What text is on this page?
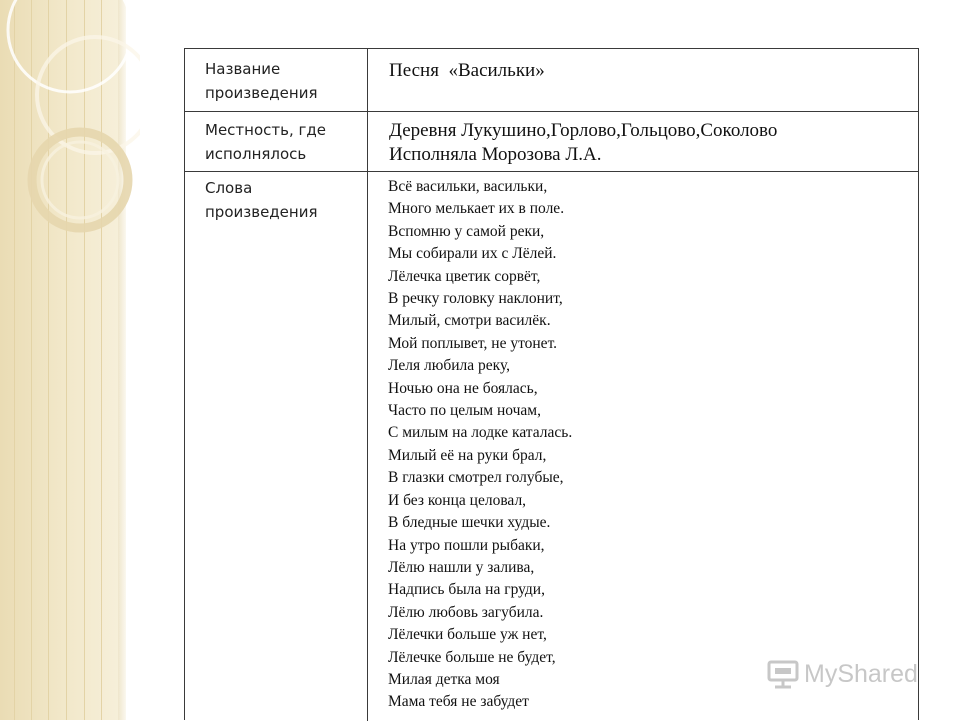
Название
произведения
Песня  «Васильки»
Местность, где
исполнялось
Деревня Лукушино,Горлово,Гольцово,Соколово
Исполняла Морозова Л.А.
Слова
произведения
Всё васильки, васильки,
Много мелькает их в поле.
Вспомню у самой реки,
Мы собирали их с Лёлей.
Лёлечка цветик сорвёт,
В речку головку наклонит,
Милый, смотри василёк.
Мой поплывет, не утонет.
Леля любила реку,
Ночью она не боялась,
Часто по целым ночам,
С милым на лодке каталась.
Милый её на руки брал,
В глазки смотрел голубые,
И без конца целовал,
В бледные шечки худые.
На утро пошли рыбаки,
Лёлю нашли у залива,
Надпись была на груди,
Лёлю любовь загубила.
Лёлечки больше уж нет,
Лёлечке больше не будет,
Милая детка моя
Мама тебя не забудет
MyShared
